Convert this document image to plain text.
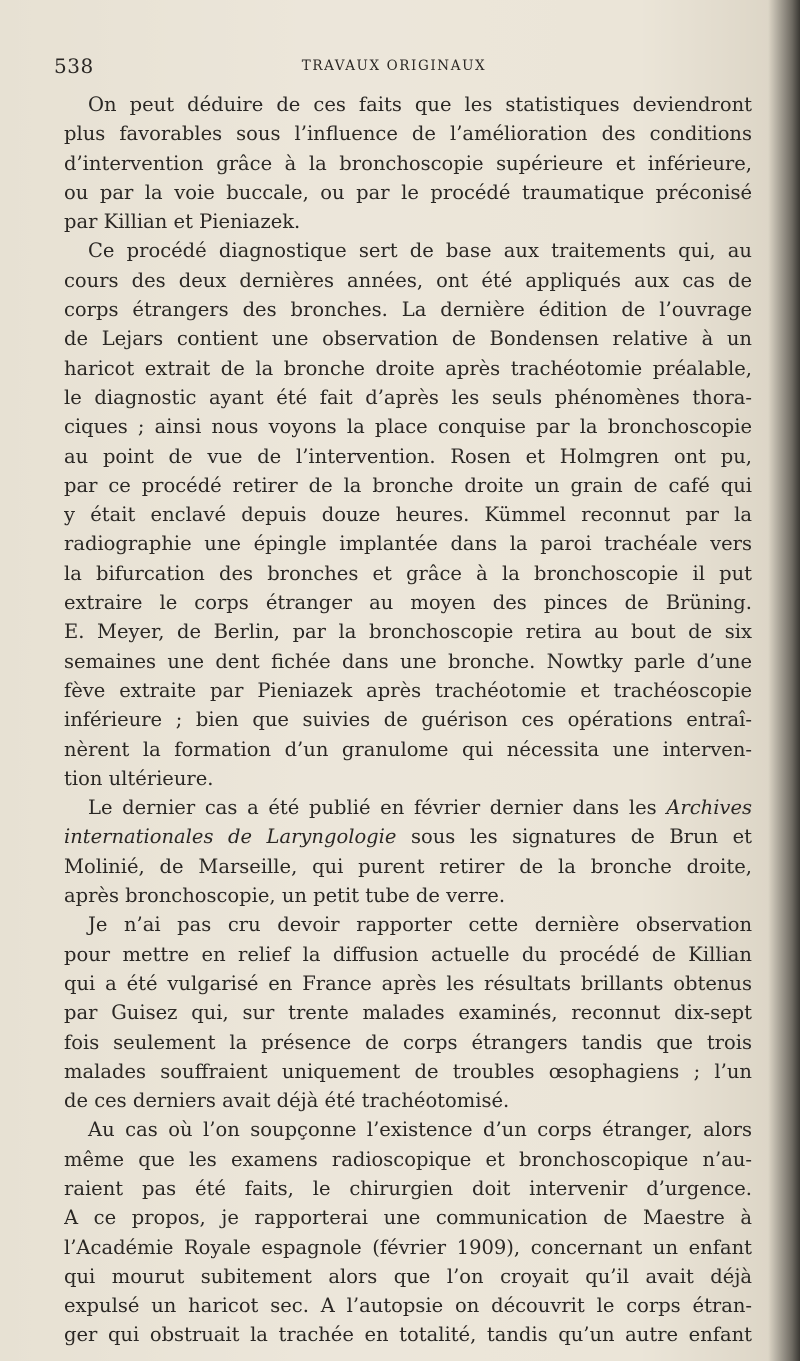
538	TRAVAUX ORIGINAUX
On peut déduire de ces faits que les statistiques deviendront
plus favorables sous l’influence de l’amélioration des conditions
d’intervention grâce à la bronchoscopie supérieure et inférieure,
ou par la voie buccale, ou par le procédé traumatique préconisé
par Killian et Pieniazek.
Ce procédé diagnostique sert de base aux traitements qui, au
cours des deux dernières années, ont été appliqués aux cas de
corps étrangers des bronches. La dernière édition de l’ouvrage
de Lejars contient une observation de Bondensen relative à un
haricot extrait de la bronche droite après trachéotomie préalable,
le diagnostic ayant été fait d’après les seuls phénomènes thora-
ciques ; ainsi nous voyons la place conquise par la bronchoscopie
au point de vue de l’intervention. Rosen et Holmgren ont pu,
par ce procédé retirer de la bronche droite un grain de café qui
y était enclavé depuis douze heures. Kümmel reconnut par la
radiographie une épingle implantée dans la paroi trachéale vers
la bifurcation des bronches et grâce à la bronchoscopie il put
extraire le corps étranger au moyen des pinces de Brüning.
E. Meyer, de Berlin, par la bronchoscopie retira au bout de six
semaines une dent fichée dans une bronche. Nowtky parle d’une
fève extraite par Pieniazek après trachéotomie et trachéoscopie
inférieure ; bien que suivies de guérison ces opérations entraî-
nèrent la formation d’un granulome qui nécessita une interven-
tion ultérieure.
Le dernier cas a été publié en février dernier dans les Archives
internationales de Laryngologie sous les signatures de Brun et
Molinié, de Marseille, qui purent retirer de la bronche droite,
après bronchoscopie, un petit tube de verre.
Je n’ai pas cru devoir rapporter cette dernière observation
pour mettre en relief la diffusion actuelle du procédé de Killian
qui a été vulgarisé en France après les résultats brillants obtenus
par Guisez qui, sur trente malades examinés, reconnut dix-sept
fois seulement la présence de corps étrangers tandis que trois
malades souffraient uniquement de troubles œsophagiens ; l’un
de ces derniers avait déjà été trachéotomisé.
Au cas où l’on soupçonne l’existence d’un corps étranger, alors
même que les examens radioscopique et bronchoscopique n’au-
raient pas été faits, le chirurgien doit intervenir d’urgence.
A ce propos, je rapporterai une communication de Maestre à
l’Académie Royale espagnole (février 1909), concernant un enfant
qui mourut subitement alors que l’on croyait qu’il avait déjà
expulsé un haricot sec. A l’autopsie on découvrit le corps étran-
ger qui obstruait la trachée en totalité, tandis qu’un autre enfant
